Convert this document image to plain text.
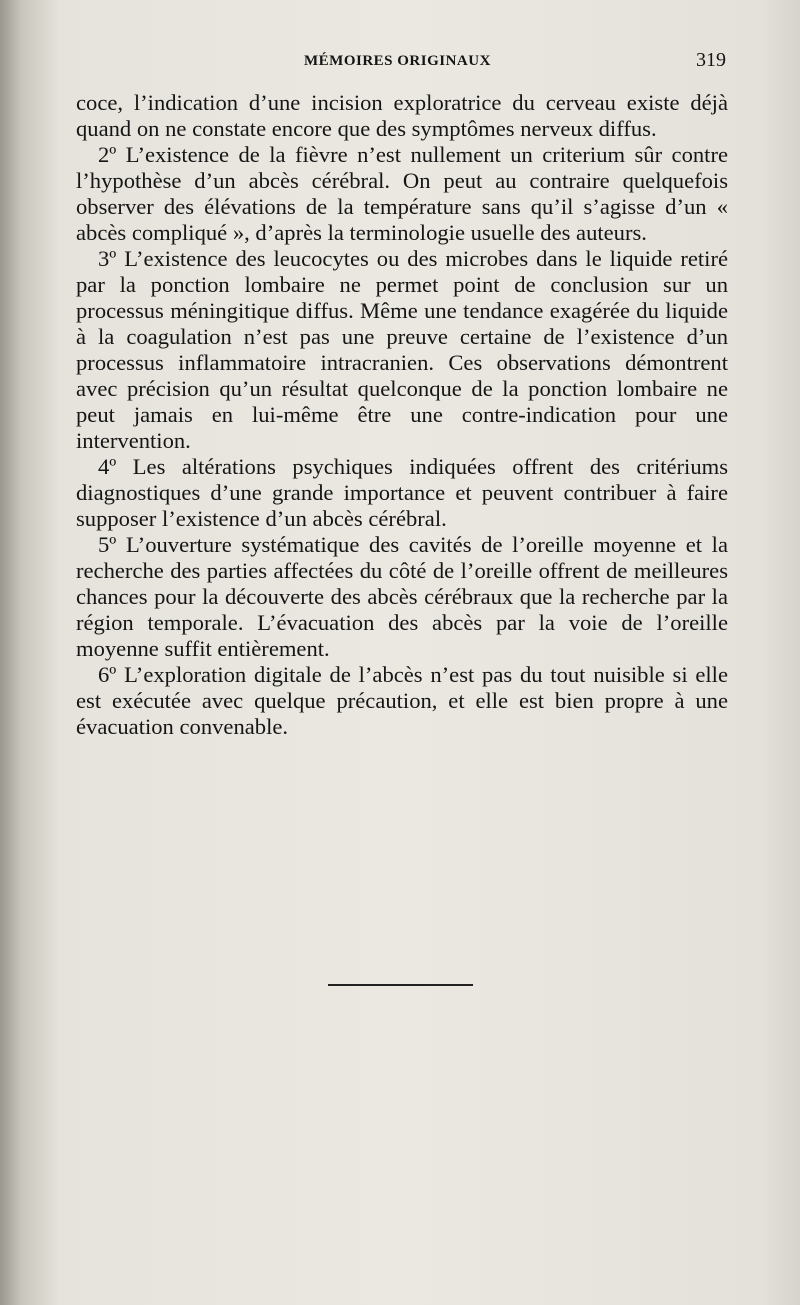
MÉMOIRES ORIGINAUX	319

coce, l’indication d’une incision exploratrice du cerveau existe déjà quand on ne constate encore que des symptômes nerveux diffus.

2º L’existence de la fièvre n’est nullement un criterium sûr contre l’hypothèse d’un abcès cérébral. On peut au contraire quelquefois observer des élévations de la température sans qu’il s’agisse d’un « abcès compliqué », d’après la terminologie usuelle des auteurs.

3º L’existence des leucocytes ou des microbes dans le liquide retiré par la ponction lombaire ne permet point de conclusion sur un processus méningitique diffus. Même une tendance exagérée du liquide à la coagulation n’est pas une preuve certaine de l’existence d’un processus inflammatoire intracranien. Ces observations démontrent avec précision qu’un résultat quelconque de la ponction lombaire ne peut jamais en lui-même être une contre-indication pour une intervention.

4º Les altérations psychiques indiquées offrent des critériums diagnostiques d’une grande importance et peuvent contribuer à faire supposer l’existence d’un abcès cérébral.

5º L’ouverture systématique des cavités de l’oreille moyenne et la recherche des parties affectées du côté de l’oreille offrent de meilleures chances pour la découverte des abcès cérébraux que la recherche par la région temporale. L’évacuation des abcès par la voie de l’oreille moyenne suffit entièrement.

6º L’exploration digitale de l’abcès n’est pas du tout nuisible si elle est exécutée avec quelque précaution, et elle est bien propre à une évacuation convenable.
